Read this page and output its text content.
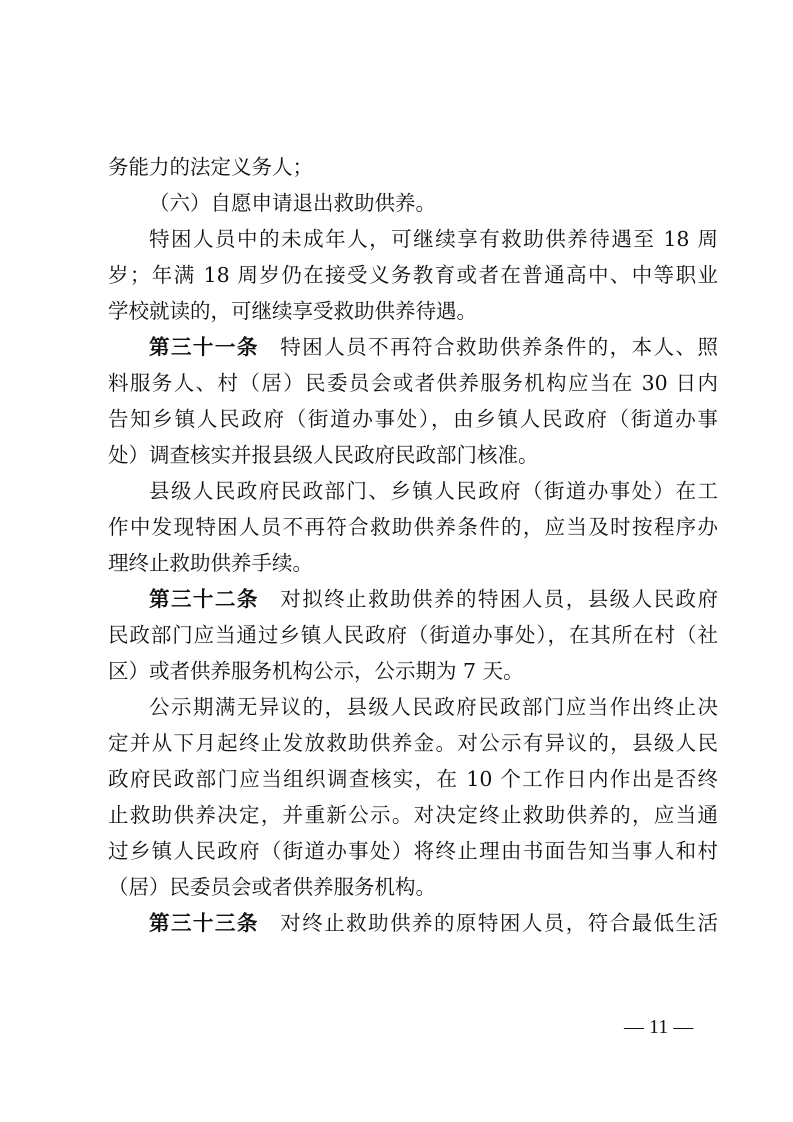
务能力的法定义务人；
（六）自愿申请退出救助供养。
特困人员中的未成年人，可继续享有救助供养待遇至 18 周
岁；年满 18 周岁仍在接受义务教育或者在普通高中、中等职业
学校就读的，可继续享受救助供养待遇。
第三十一条 特困人员不再符合救助供养条件的，本人、照
料服务人、村（居）民委员会或者供养服务机构应当在 30 日内
告知乡镇人民政府（街道办事处），由乡镇人民政府（街道办事
处）调查核实并报县级人民政府民政部门核准。
县级人民政府民政部门、乡镇人民政府（街道办事处）在工
作中发现特困人员不再符合救助供养条件的，应当及时按程序办
理终止救助供养手续。
第三十二条 对拟终止救助供养的特困人员，县级人民政府
民政部门应当通过乡镇人民政府（街道办事处），在其所在村（社
区）或者供养服务机构公示，公示期为 7 天。
公示期满无异议的，县级人民政府民政部门应当作出终止决
定并从下月起终止发放救助供养金。对公示有异议的，县级人民
政府民政部门应当组织调查核实，在 10 个工作日内作出是否终
止救助供养决定，并重新公示。对决定终止救助供养的，应当通
过乡镇人民政府（街道办事处）将终止理由书面告知当事人和村
（居）民委员会或者供养服务机构。
第三十三条 对终止救助供养的原特困人员，符合最低生活
— 11 —
